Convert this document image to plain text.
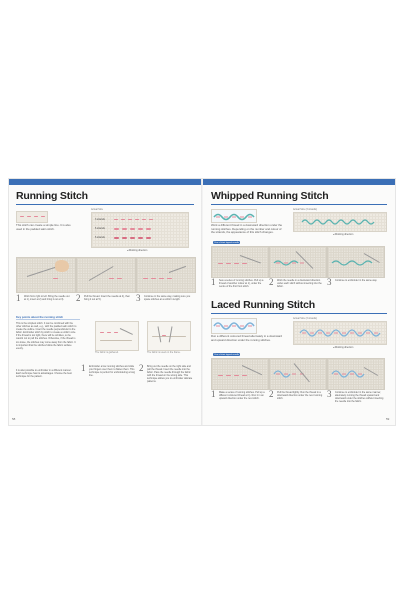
Running Stitch
This stitch can create a simple line. It is also used in the padded satin stitch.
Actual Size
3 strands
6 strands
6 strands
◂ Working direction
1 Work from right to left. Bring the needle out at 1), insert at 2) and bring it out at 3).	2 Pull the thread. Insert the needle at 4), then bring it out at 5).	3 Continue in the same way, making sure you space stitches at a uniform length.
Key points about the running stitch
This is the simplest stitch. It can be combined with the other stitches as well, e.g., with the padded satin stitch to create the outline. Insert the needle perpendicular to the fabric. Embroider stitch by stitch to create a uniform size. If the thread is too tight, there will be wrinkles, so be careful not to pull the stitches. Otherwise, if the thread is too loose, the stitches may come away from the fabric. It is important that the stitches follow the fabric surface evenly.
The fabric is gathered.	The fabric is used on the frame.
It is also possible to embroider in a different manner. Each technique has its advantages. Choose the best technique for the pattern.
1 Embroider a few running stitches and slide your fingers over them to flatten them. This technique is perfect for embroidering a long line.
2 Bring out the needle on the right side and pull the thread. Insert the needle into the fabric. Pass the needle through the fabric with the thread on the wrong side. This technique allows you to embroider delicate patterns.
58
Whipped Running Stitch
Work a different thread in a downward direction under the running stitches. Depending on the number and colour of the strands, the appearance of this stitch changes.
Actual Size (3 strands)
◂ Working direction
Use a blunt tipped needle
1 Sew a series of running stitches. Pull up a thread of another colour at 1), under the centre of the first front stitch.	2 Work the needle in a downward direction under each stitch without inserting into the fabric.	3 Continue to embroider in the same way.
Laced Running Stitch
Run a different coloured thread alternately in a downward and upward direction under the running stitches.
Actual Size (3 strands)
◂ Working direction
Use a blunt tipped needle
1 Make a series of running stitches. Pull up a different coloured thread at 1). Run it in an upward direction under the next stitch.	2 Pull the thread lightly. Run the thread in a downward direction under the next running stitch.	3 Continue to embroider in the same manner, alternately running the thread upward and downward under the stitches without inserting the needle into the fabric.
59
